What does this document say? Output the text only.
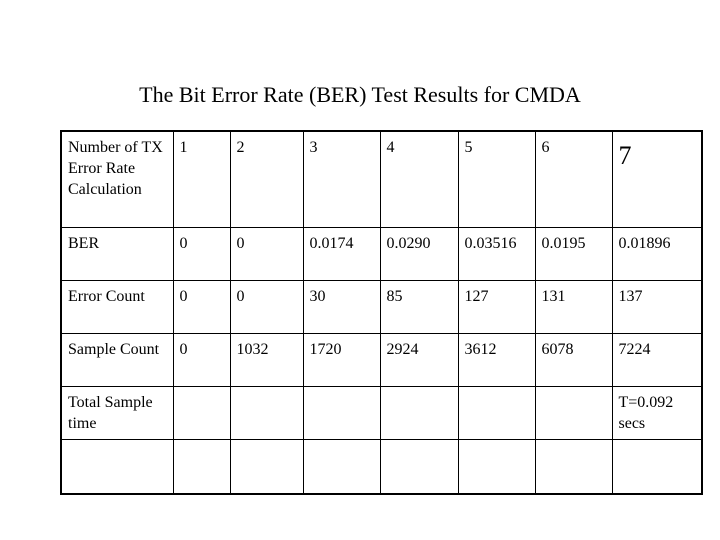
The Bit Error Rate (BER) Test Results for CMDA
Number of TX Error Rate Calculation	1	2	3	4	5	6	7
BER	0	0	0.0174	0.0290	0.03516	0.0195	0.01896
Error Count	0	0	30	85	127	131	137
Sample Count	0	1032	1720	2924	3612	6078	7224
Total Sample time							T=0.092 secs
